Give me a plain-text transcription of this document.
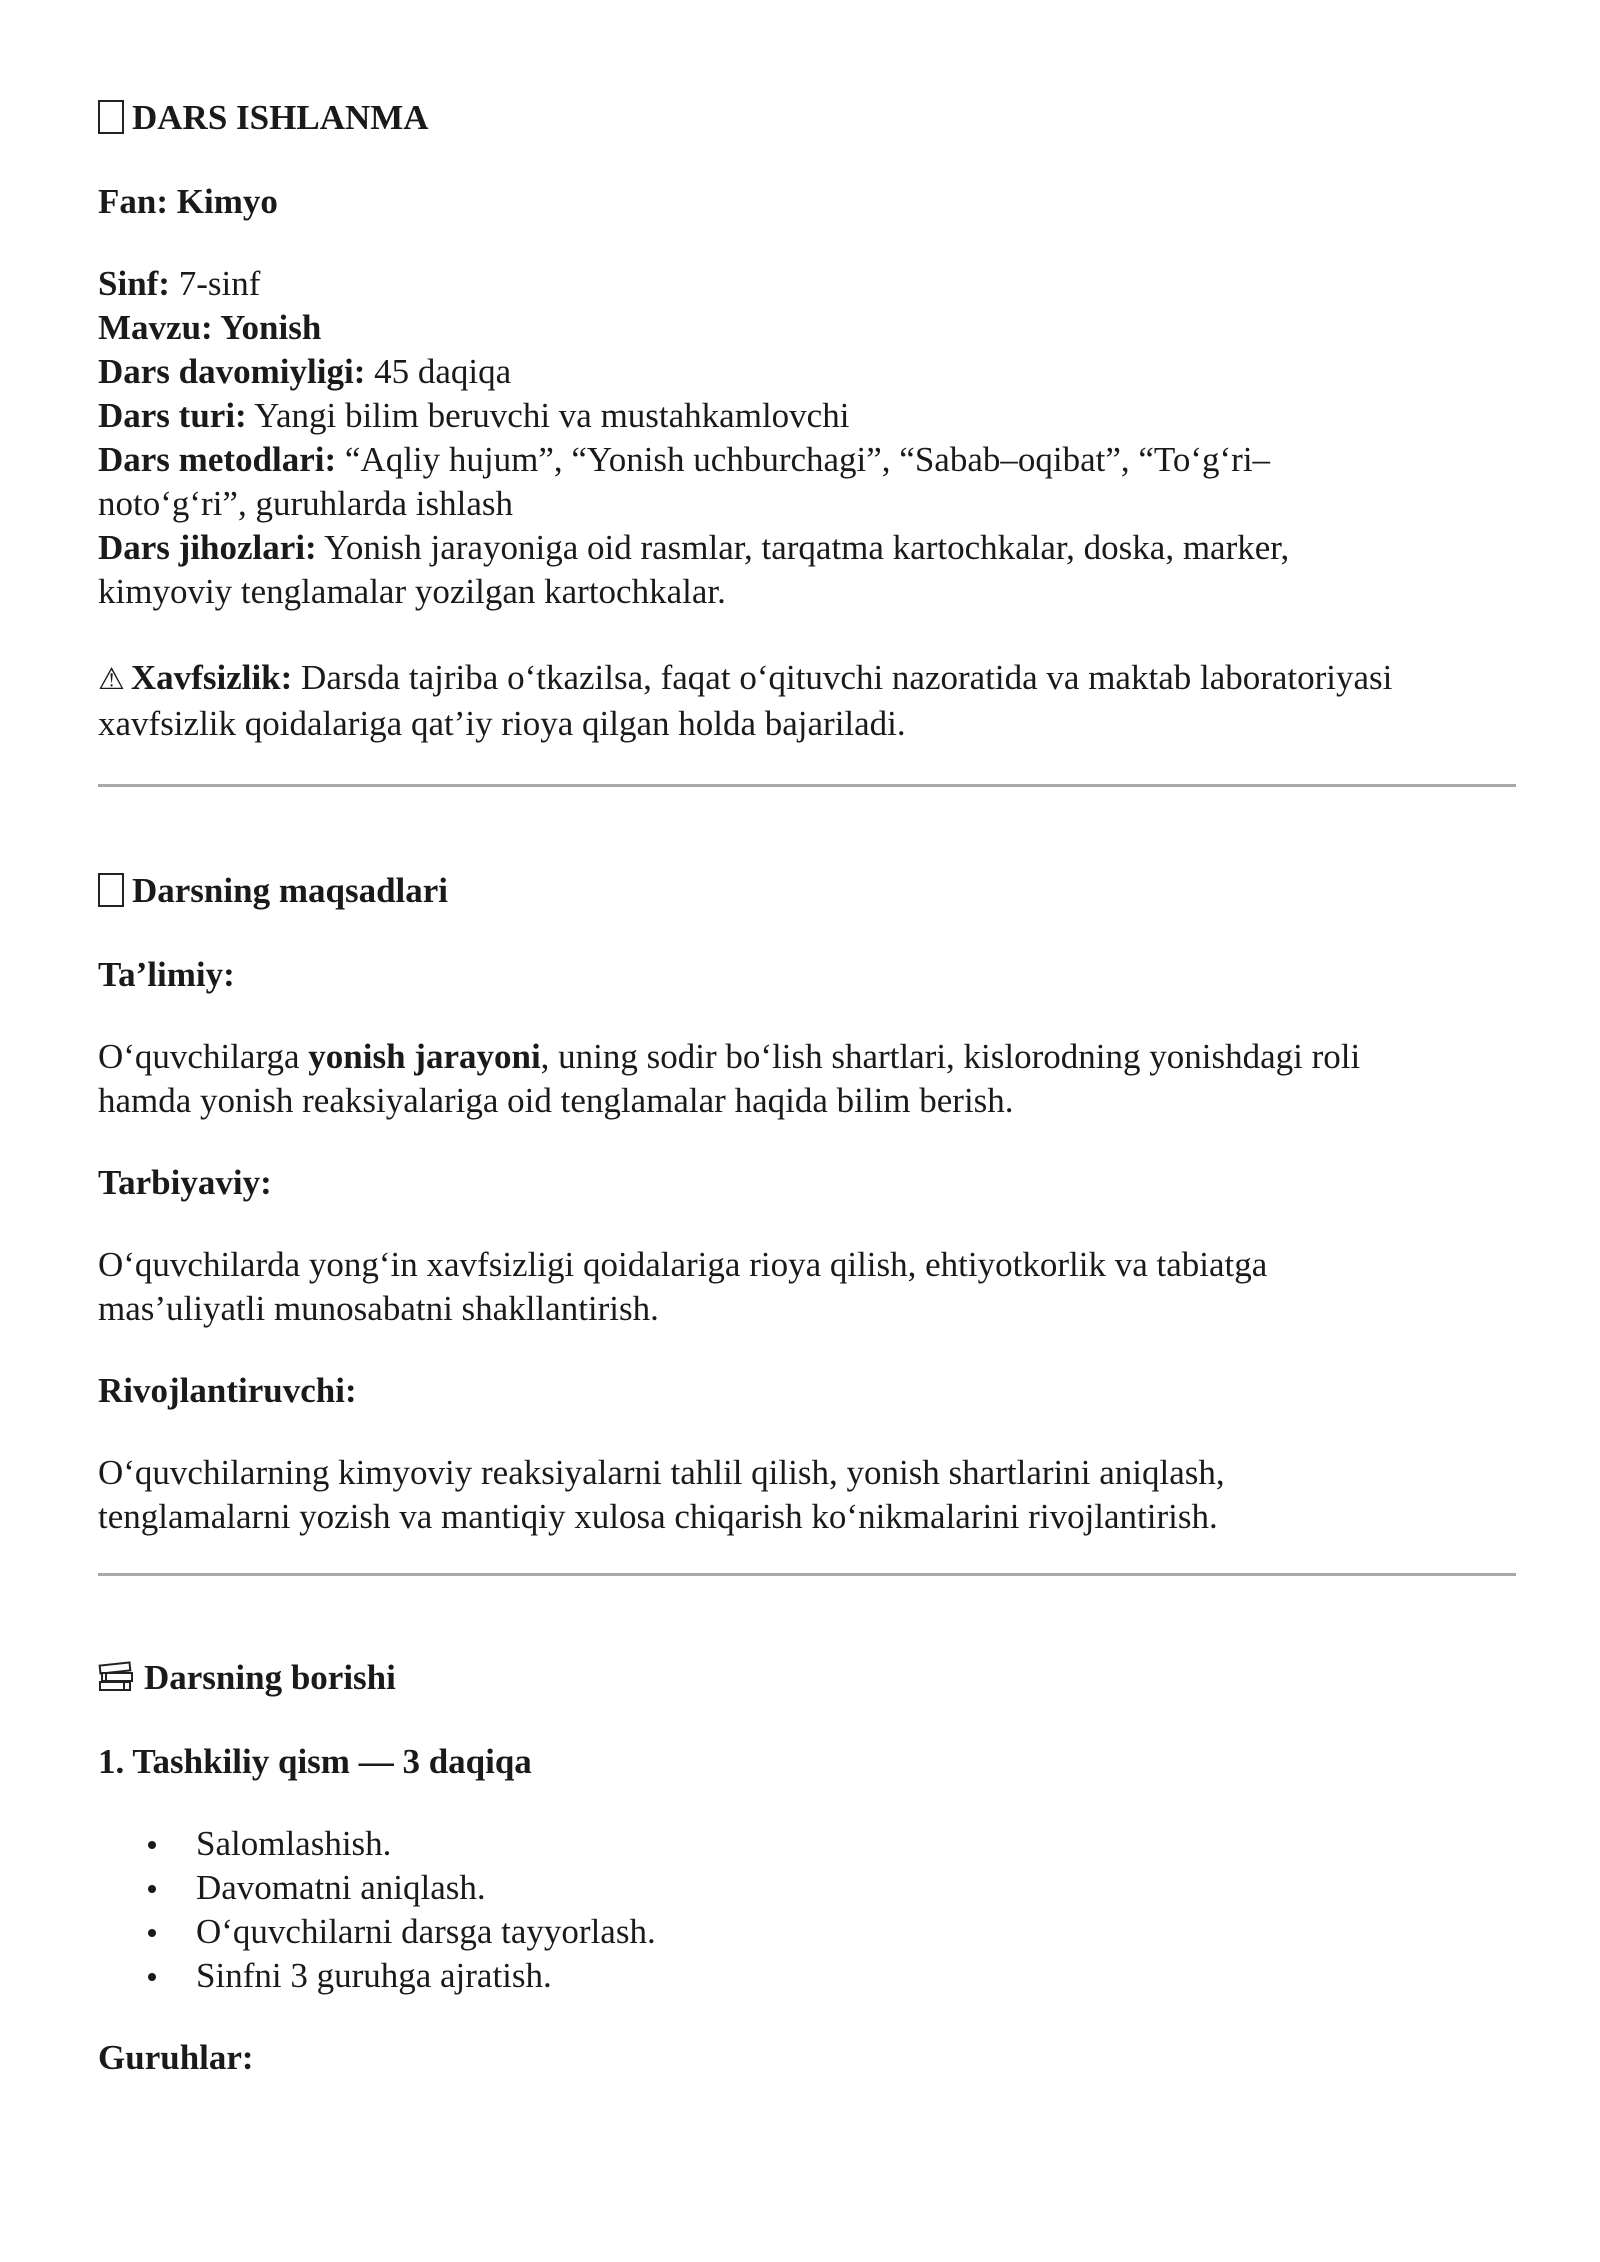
DARS ISHLANMA

Fan: Kimyo

Sinf: 7-sinf

Mavzu: Yonish

Dars davomiyligi: 45 daqiqa

Dars turi: Yangi bilim beruvchi va mustahkamlovchi

Dars metodlari: “Aqliy hujum”, “Yonish uchburchagi”, “Sabab–oqibat”, “To‘g‘ri–

noto‘g‘ri”, guruhlarda ishlash

Dars jihozlari: Yonish jarayoniga oid rasmlar, tarqatma kartochkalar, doska, marker,

kimyoviy tenglamalar yozilgan kartochkalar.

⚠ Xavfsizlik: Darsda tajriba o‘tkazilsa, faqat o‘qituvchi nazoratida va maktab laboratoriyasi

xavfsizlik qoidalariga qat’iy rioya qilgan holda bajariladi.

Darsning maqsadlari

Ta’limiy:

O‘quvchilarga yonish jarayoni, uning sodir bo‘lish shartlari, kislorodning yonishdagi roli

hamda yonish reaksiyalariga oid tenglamalar haqida bilim berish.

Tarbiyaviy:

O‘quvchilarda yong‘in xavfsizligi qoidalariga rioya qilish, ehtiyotkorlik va tabiatga

mas’uliyatli munosabatni shakllantirish.

Rivojlantiruvchi:

O‘quvchilarning kimyoviy reaksiyalarni tahlil qilish, yonish shartlarini aniqlash,

tenglamalarni yozish va mantiqiy xulosa chiqarish ko‘nikmalarini rivojlantirish.

Darsning borishi

1. Tashkiliy qism — 3 daqiqa

Salomlashish.
Davomatni aniqlash.
O‘quvchilarni darsga tayyorlash.
Sinfni 3 guruhga ajratish.

Guruhlar:
